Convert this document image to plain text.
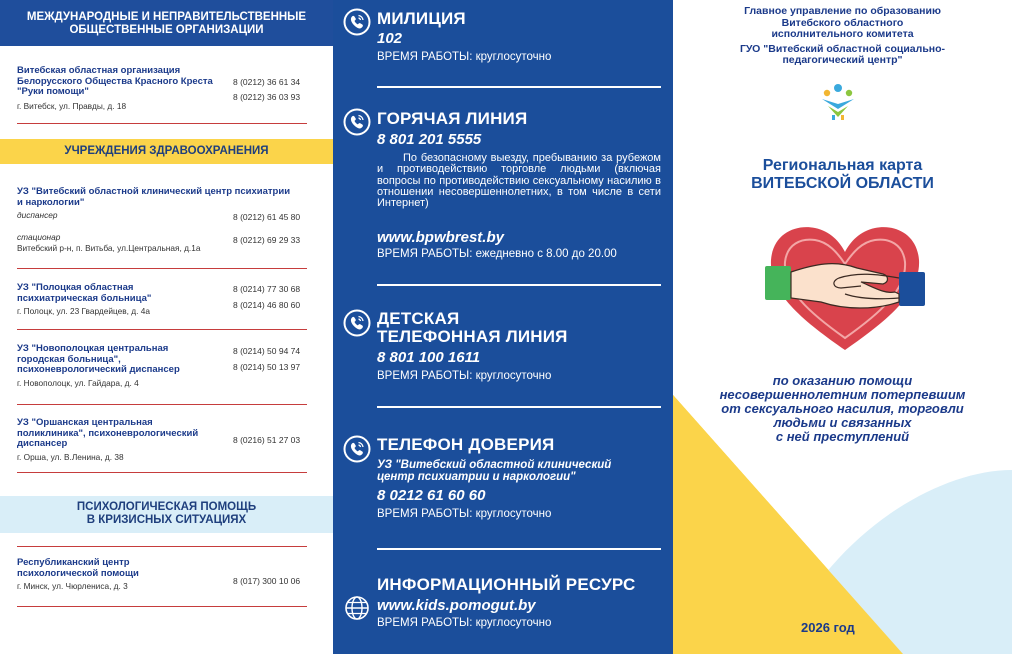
МЕЖДУНАРОДНЫЕ И НЕПРАВИТЕЛЬСТВЕННЫЕ
ОБЩЕСТВЕННЫЕ ОРГАНИЗАЦИИ
Витебская областная организация
Белорусского Общества Красного Креста
"Руки помощи"
г. Витебск, ул. Правды, д. 18
8 (0212) 36 61 34
8 (0212) 36 03 93
УЧРЕЖДЕНИЯ ЗДРАВООХРАНЕНИЯ
УЗ "Витебский областной клинический центр психиатрии
и наркологии"
диспансер
стационар
Витебский р-н, п. Витьба, ул.Центральная, д.1а
8 (0212) 61 45 80
8 (0212) 69 29 33
УЗ "Полоцкая областная
психиатрическая больница"
г. Полоцк, ул. 23 Гвардейцев, д. 4а
8 (0214) 77 30 68
8 (0214) 46 80 60
УЗ "Новополоцкая центральная
городская больница",
психоневрологический диспансер
г. Новополоцк, ул. Гайдара, д. 4
8 (0214) 50 94 74
8 (0214) 50 13 97
УЗ "Оршанская центральная
поликлиника", психоневрологический
диспансер
г. Орша, ул. В.Ленина, д. 38
8 (0216) 51 27 03
ПСИХОЛОГИЧЕСКАЯ ПОМОЩЬ
В КРИЗИСНЫХ СИТУАЦИЯХ
Республиканский центр
психологической помощи
г. Минск, ул. Чюрлениса, д. 3	8 (017) 300 10 06
МИЛИЦИЯ
102
ВРЕМЯ РАБОТЫ: круглосуточно
ГОРЯЧАЯ ЛИНИЯ
8 801 201 5555
По безопасному выезду, пребыванию за рубежом и противодействию торговле людьми (включая вопросы по противодействию сексуальному насилию в отношении несовершеннолетних, в том числе в сети Интернет)
www.bpwbrest.by
ВРЕМЯ РАБОТЫ: ежедневно с 8.00 до 20.00
ДЕТСКАЯ
ТЕЛЕФОННАЯ ЛИНИЯ
8 801 100 1611
ВРЕМЯ РАБОТЫ: круглосуточно
ТЕЛЕФОН ДОВЕРИЯ
УЗ "Витебский областной клинический
центр психиатрии и наркологии"
8 0212 61 60 60
ВРЕМЯ РАБОТЫ: круглосуточно
ИНФОРМАЦИОННЫЙ РЕСУРС
www.kids.pomogut.by
ВРЕМЯ РАБОТЫ: круглосуточно
Главное управление по образованию
Витебского областного
исполнительного комитета
ГУО "Витебский областной социально-
педагогический центр"
Региональная карта
ВИТЕБСКОЙ ОБЛАСТИ
по оказанию помощи
несовершеннолетним потерпевшим
от сексуального насилия, торговли
людьми и связанных
с ней преступлений
2026 год
